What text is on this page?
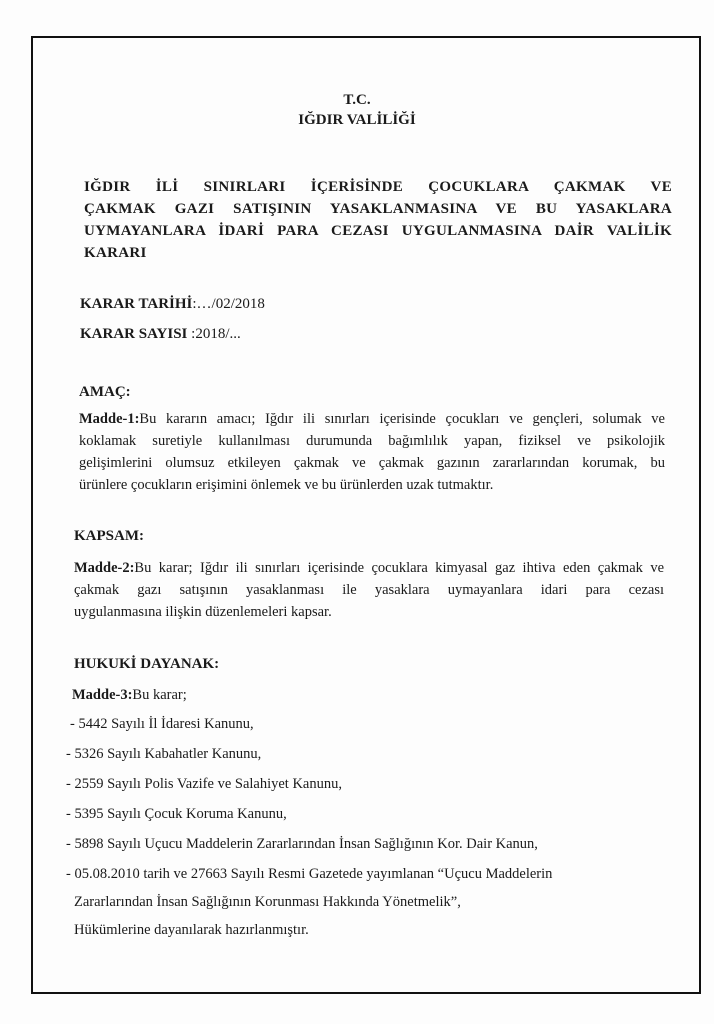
T.C.

IĞDIR VALİLİĞİ

IĞDIR İLİ SINIRLARI İÇERİSİNDE ÇOCUKLARA ÇAKMAK VE
ÇAKMAK GAZI SATIŞININ YASAKLANMASINA VE BU YASAKLARA
UYMAYANLARA İDARİ PARA CEZASI UYGULANMASINA DAİR VALİLİK
KARARI

KARAR TARİHİ:…/02/2018

KARAR SAYISI :2018/...

AMAÇ:

Madde-1:Bu kararın amacı; Iğdır ili sınırları içerisinde çocukları ve gençleri, solumak ve
koklamak suretiyle kullanılması durumunda bağımlılık yapan, fiziksel ve psikolojik
gelişimlerini olumsuz etkileyen çakmak ve çakmak gazının zararlarından korumak, bu
ürünlere çocukların erişimini önlemek ve bu ürünlerden uzak tutmaktır.

KAPSAM:

Madde-2:Bu karar; Iğdır ili sınırları içerisinde çocuklara kimyasal gaz ihtiva eden çakmak ve
çakmak gazı satışının yasaklanması ile yasaklara uymayanlara idari para cezası
uygulanmasına ilişkin düzenlemeleri kapsar.

HUKUKİ DAYANAK:

Madde-3:Bu karar;

- 5442 Sayılı İl İdaresi Kanunu,

- 5326 Sayılı Kabahatler Kanunu,

- 2559 Sayılı Polis Vazife ve Salahiyet Kanunu,

- 5395 Sayılı Çocuk Koruma Kanunu,

- 5898 Sayılı Uçucu Maddelerin Zararlarından İnsan Sağlığının Kor. Dair Kanun,

- 05.08.2010 tarih ve 27663 Sayılı Resmi Gazetede yayımlanan “Uçucu Maddelerin

Zararlarından İnsan Sağlığının Korunması Hakkında Yönetmelik”,

Hükümlerine dayanılarak hazırlanmıştır.
